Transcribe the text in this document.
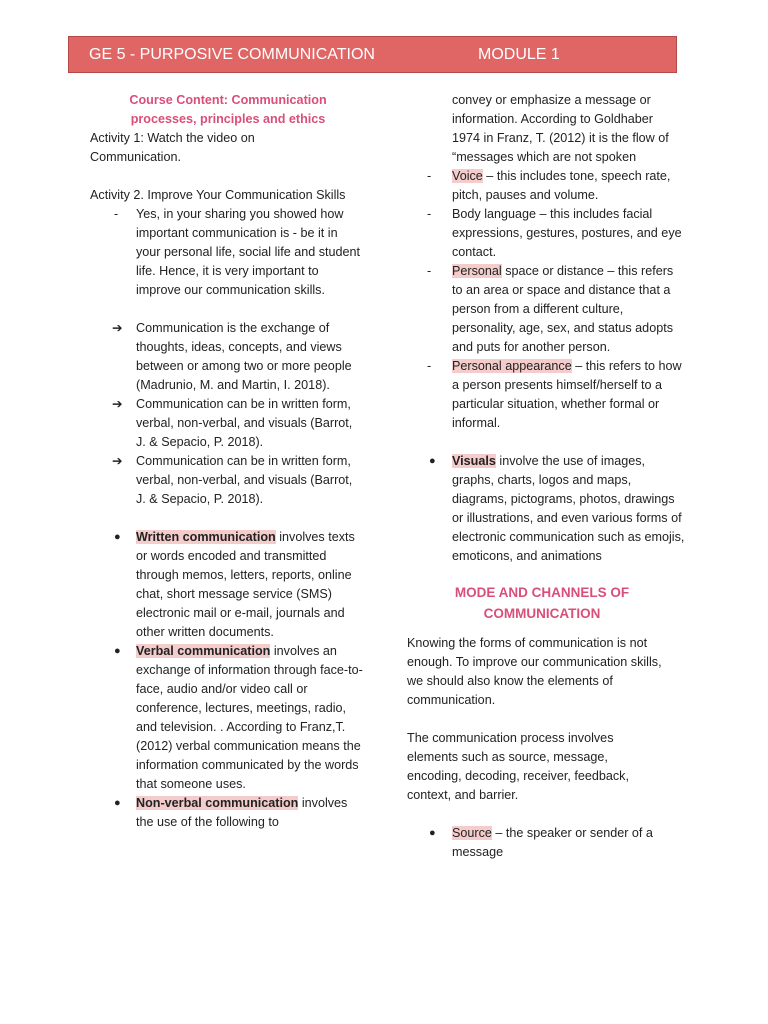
GE 5 - PURPOSIVE COMMUNICATION	MODULE 1
Course Content: Communication processes, principles and ethics

Activity 1: Watch the video on Communication.

Activity 2. Improve Your Communication Skills

-	Yes, in your sharing you showed how important communication is - be it in your personal life, social life and student life. Hence, it is very important to improve our communication skills.
➔	Communication is the exchange of thoughts, ideas, concepts, and views between or among two or more people (Madrunio, M. and Martin, I. 2018).
➔	Communication can be in written form, verbal, non-verbal, and visuals (Barrot, J. & Sepacio, P. 2018).
➔	Communication can be in written form, verbal, non-verbal, and visuals (Barrot, J. & Sepacio, P. 2018).
●	Written communication involves texts or words encoded and transmitted through memos, letters, reports, online chat, short message service (SMS) electronic mail or e-mail, journals and other written documents.
●	Verbal communication involves an exchange of information through face-to-face, audio and/or video call or conference, lectures, meetings, radio, and television. . According to Franz,T. (2012) verbal communication means the information communicated by the words that someone uses.
●	Non-verbal communication involves the use of the following to

convey or emphasize a message or information. According to Goldhaber 1974 in Franz, T. (2012) it is the flow of “messages which are not spoken

-	Voice – this includes tone, speech rate, pitch, pauses and volume.
-	Body language – this includes facial expressions, gestures, postures, and eye contact.
-	Personal space or distance – this refers to an area or space and distance that a person from a different culture, personality, age, sex, and status adopts and puts for another person.
-	Personal appearance – this refers to how a person presents himself/herself to a particular situation, whether formal or informal.
●	Visuals involve the use of images, graphs, charts, logos and maps, diagrams, pictograms, photos, drawings or illustrations, and even various forms of electronic communication such as emojis, emoticons, and animations
MODE AND CHANNELS OF COMMUNICATION

Knowing the forms of communication is not enough. To improve our communication skills, we should also know the elements of communication.

The communication process involves elements such as source, message, encoding, decoding, receiver, feedback, context, and barrier.

●	Source – the speaker or sender of a message
